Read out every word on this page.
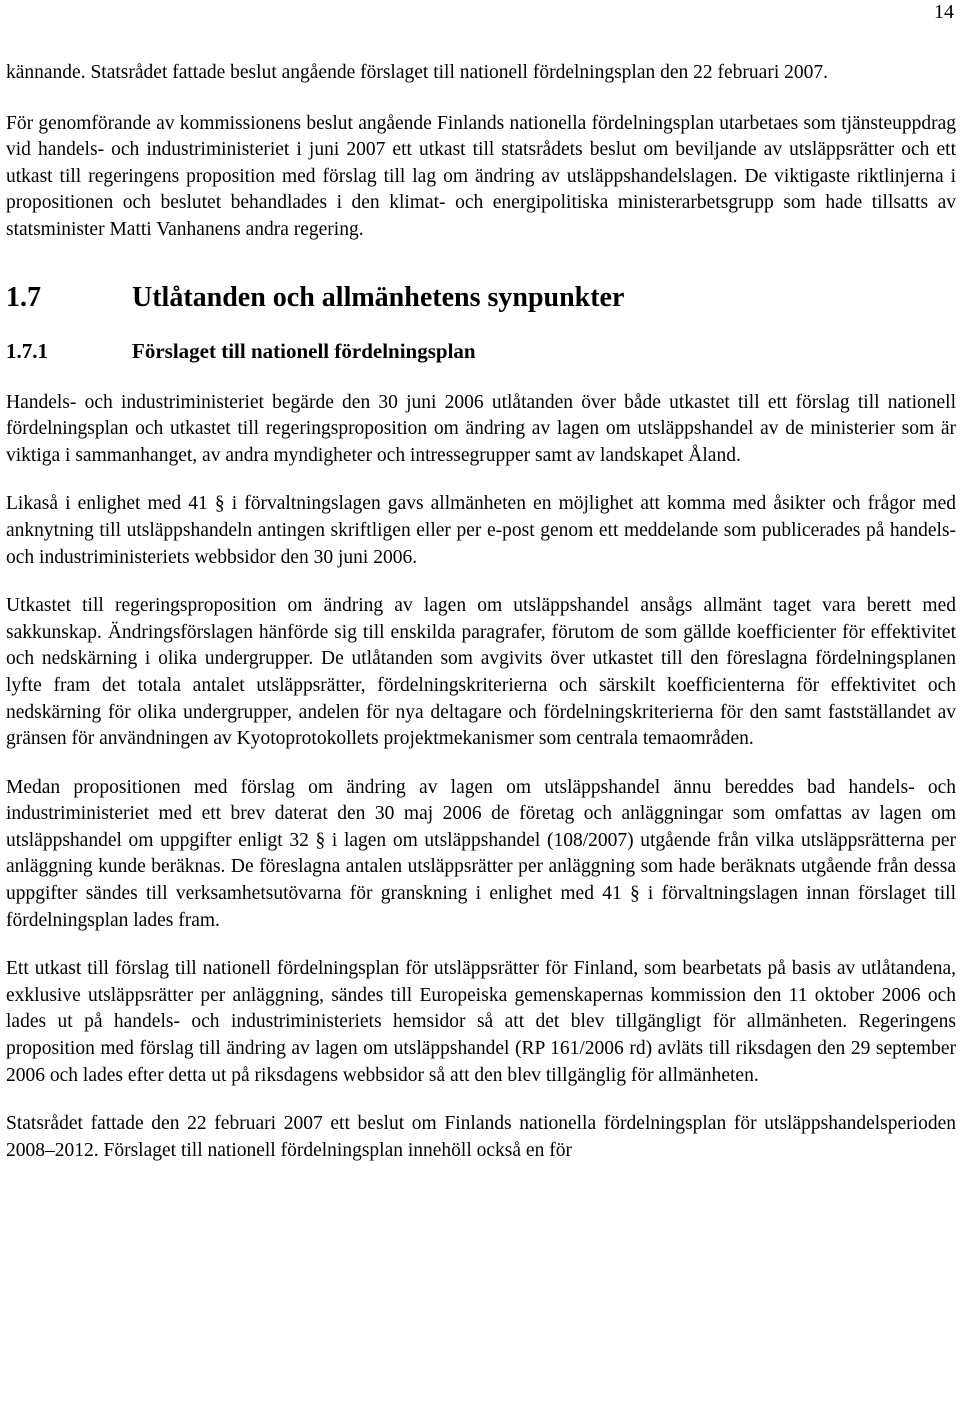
14

kännande. Statsrådet fattade beslut angående förslaget till nationell fördelningsplan den 22 februari 2007.

För genomförande av kommissionens beslut angående Finlands nationella fördelningsplan utarbetaes som tjänsteuppdrag vid handels- och industriministeriet i juni 2007 ett utkast till statsrådets beslut om beviljande av utsläppsrätter och ett utkast till regeringens proposition med förslag till lag om ändring av utsläppshandelslagen. De viktigaste riktlinjerna i propositionen och beslutet behandlades i den klimat- och energipolitiska ministerarbetsgrupp som hade tillsatts av statsminister Matti Vanhanens andra regering.

1.7	Utlåtanden och allmänhetens synpunkter
1.7.1	Förslaget till nationell fördelningsplan

Handels- och industriministeriet begärde den 30 juni 2006 utlåtanden över både utkastet till ett förslag till nationell fördelningsplan och utkastet till regeringsproposition om ändring av lagen om utsläppshandel av de ministerier som är viktiga i sammanhanget, av andra myndigheter och intressegrupper samt av landskapet Åland.

Likaså i enlighet med 41 § i förvaltningslagen gavs allmänheten en möjlighet att komma med åsikter och frågor med anknytning till utsläppshandeln antingen skriftligen eller per e-post genom ett meddelande som publicerades på handels- och industriministeriets webbsidor den 30 juni 2006.

Utkastet till regeringsproposition om ändring av lagen om utsläppshandel ansågs allmänt taget vara berett med sakkunskap. Ändringsförslagen hänförde sig till enskilda paragrafer, förutom de som gällde koefficienter för effektivitet och nedskärning i olika undergrupper. De utlåtanden som avgivits över utkastet till den föreslagna fördelningsplanen lyfte fram det totala antalet utsläppsrätter, fördelningskriterierna och särskilt koefficienterna för effektivitet och nedskärning för olika undergrupper, andelen för nya deltagare och fördelningskriterierna för den samt fastställandet av gränsen för användningen av Kyotoprotokollets projektmekanismer som centrala temaområden.

Medan propositionen med förslag om ändring av lagen om utsläppshandel ännu bereddes bad handels- och industriministeriet med ett brev daterat den 30 maj 2006 de företag och anläggningar som omfattas av lagen om utsläppshandel om uppgifter enligt 32 § i lagen om utsläppshandel (108/2007) utgående från vilka utsläppsrätterna per anläggning kunde beräknas. De föreslagna antalen utsläppsrätter per anläggning som hade beräknats utgående från dessa uppgifter sändes till verksamhetsutövarna för granskning i enlighet med 41 § i förvaltningslagen innan förslaget till fördelningsplan lades fram.

Ett utkast till förslag till nationell fördelningsplan för utsläppsrätter för Finland, som bearbetats på basis av utlåtandena, exklusive utsläppsrätter per anläggning, sändes till Europeiska gemenskapernas kommission den 11 oktober 2006 och lades ut på handels- och industriministeriets hemsidor så att det blev tillgängligt för allmänheten. Regeringens proposition med förslag till ändring av lagen om utsläppshandel (RP 161/2006 rd) avläts till riksdagen den 29 september 2006 och lades efter detta ut på riksdagens webbsidor så att den blev tillgänglig för allmänheten.

Statsrådet fattade den 22 februari 2007 ett beslut om Finlands nationella fördelningsplan för utsläppshandelsperioden 2008–2012. Förslaget till nationell fördelningsplan innehöll också en för
